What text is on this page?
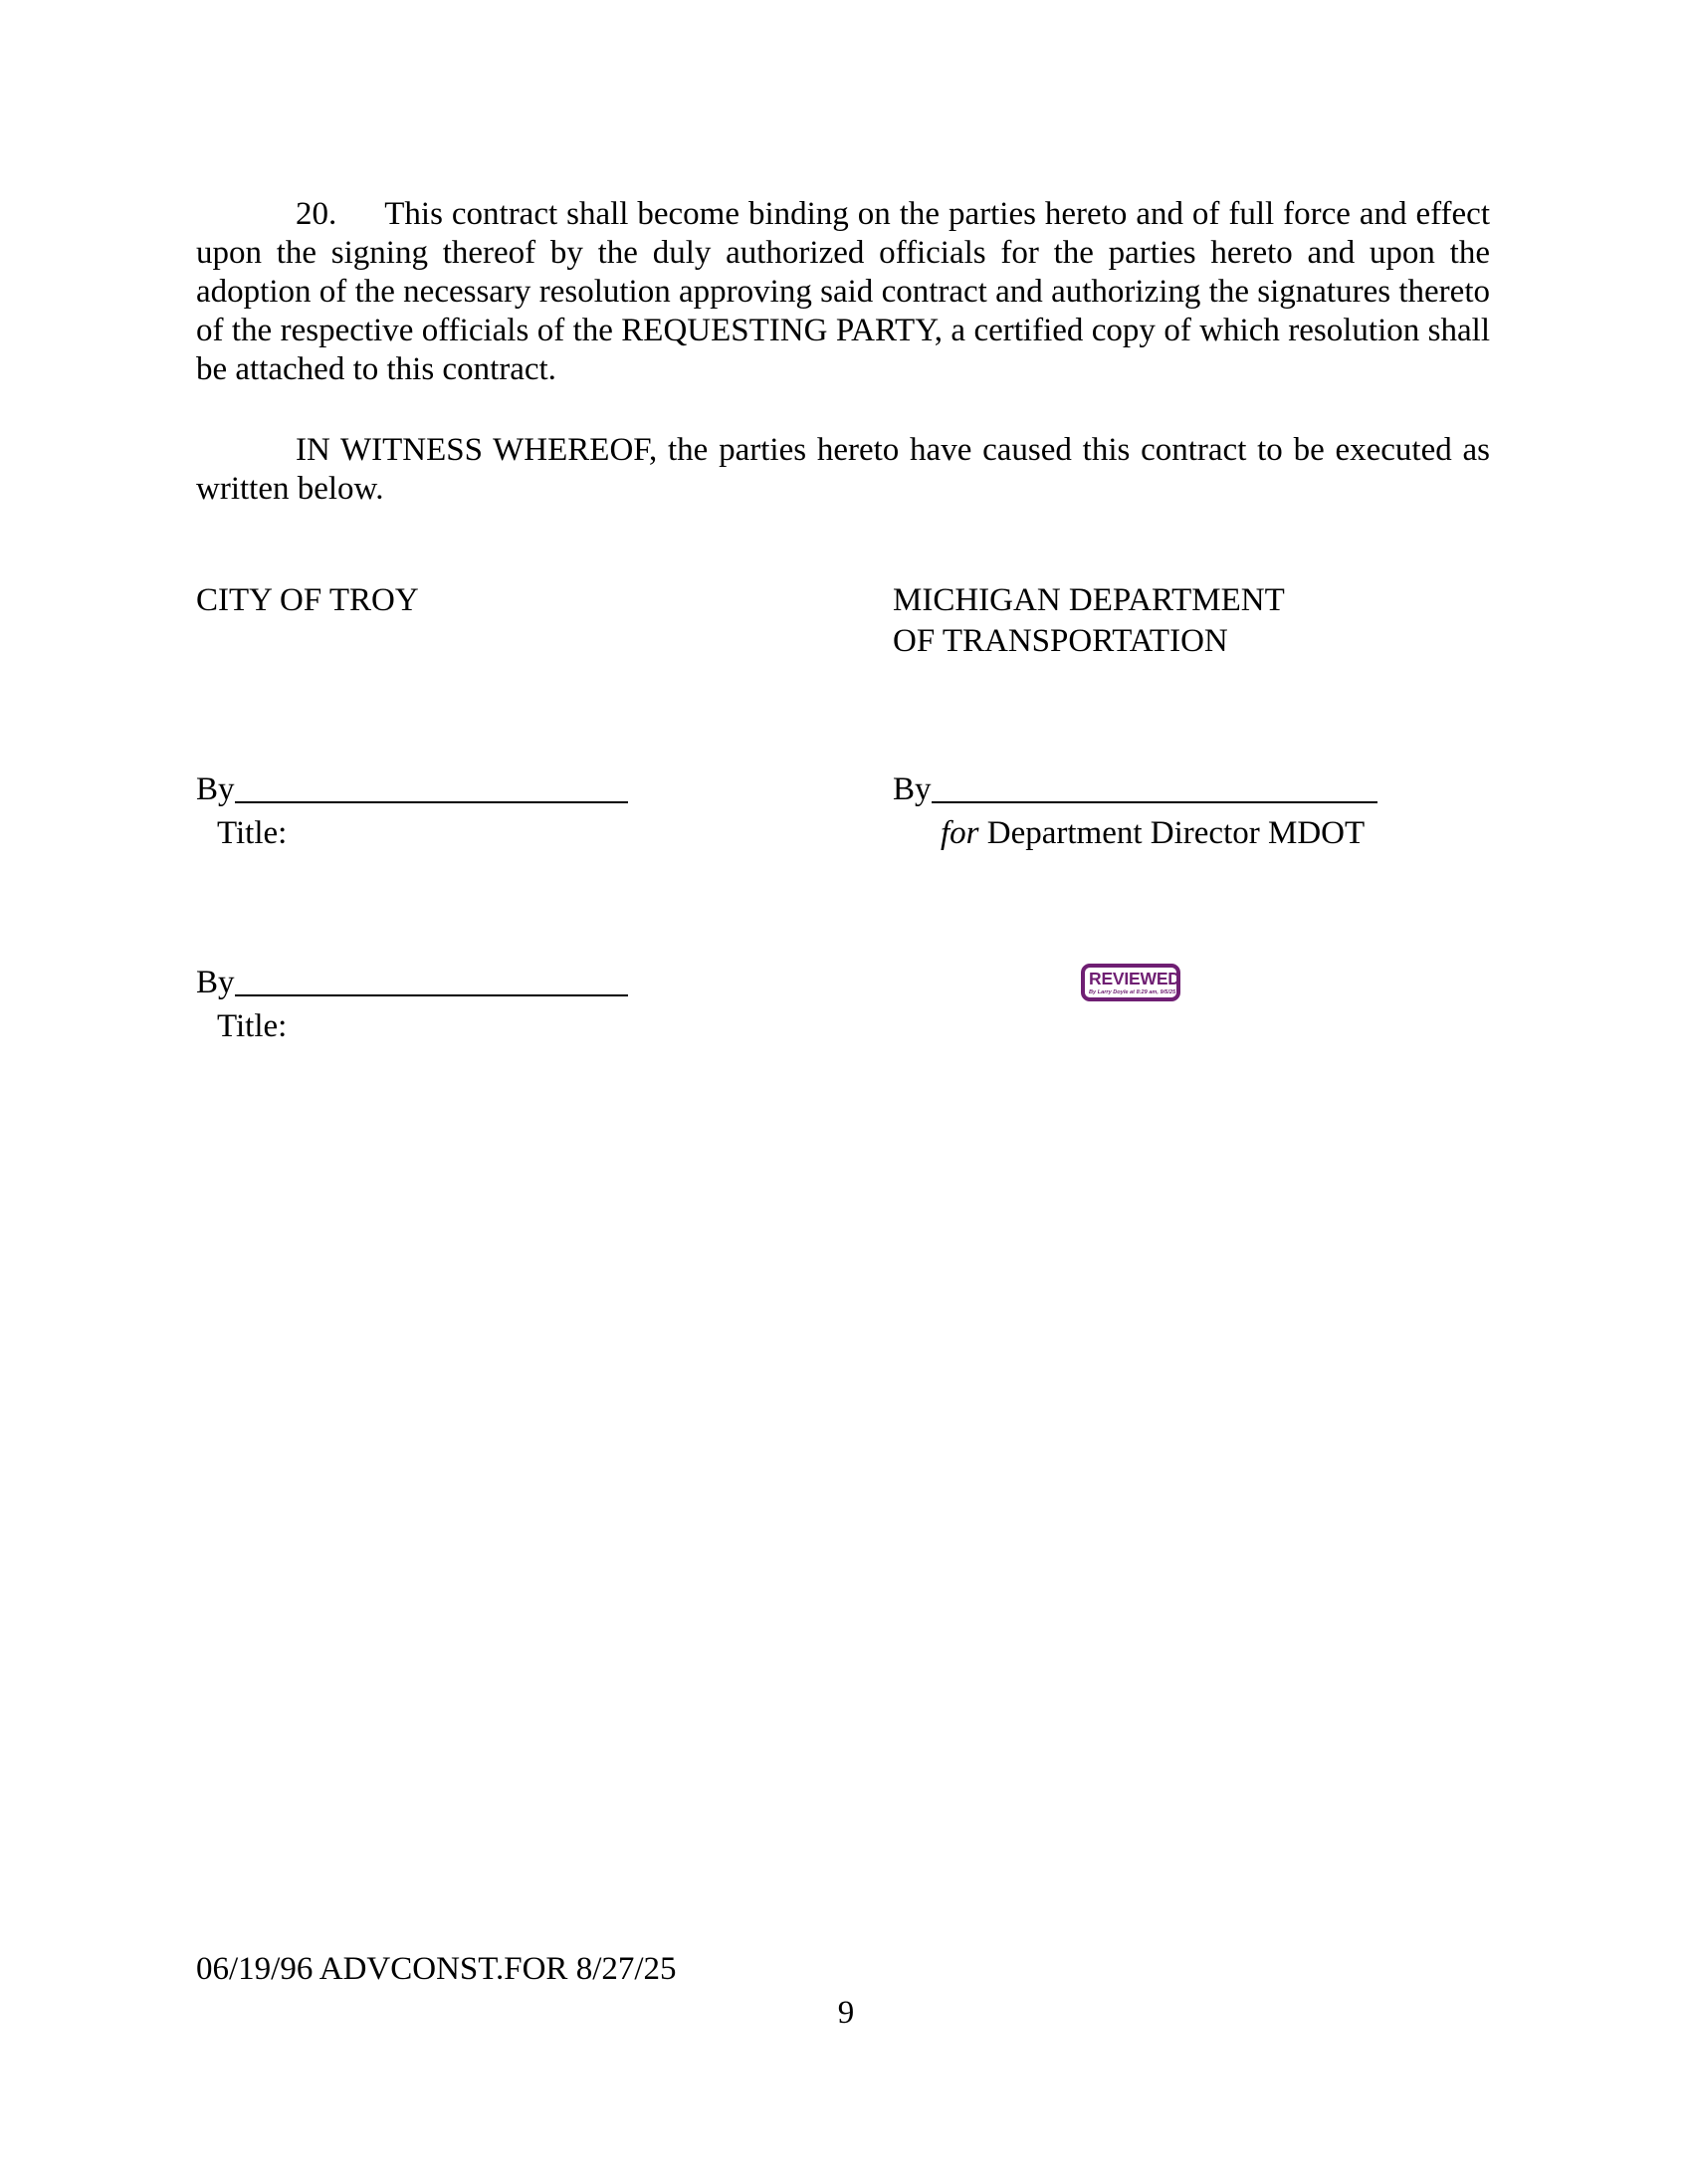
20. This contract shall become binding on the parties hereto and of full force and effect upon the signing thereof by the duly authorized officials for the parties hereto and upon the adoption of the necessary resolution approving said contract and authorizing the signatures thereto of the respective officials of the REQUESTING PARTY, a certified copy of which resolution shall be attached to this contract.

IN WITNESS WHEREOF, the parties hereto have caused this contract to be executed as written below.

CITY OF TROY	MICHIGAN DEPARTMENT
OF TRANSPORTATION
By
Title:
By
for Department Director MDOT
By
Title:
REVIEWED
By Larry Doyle at 8:29 am, 9/5/25
06/19/96 ADVCONST.FOR 8/27/25
9
